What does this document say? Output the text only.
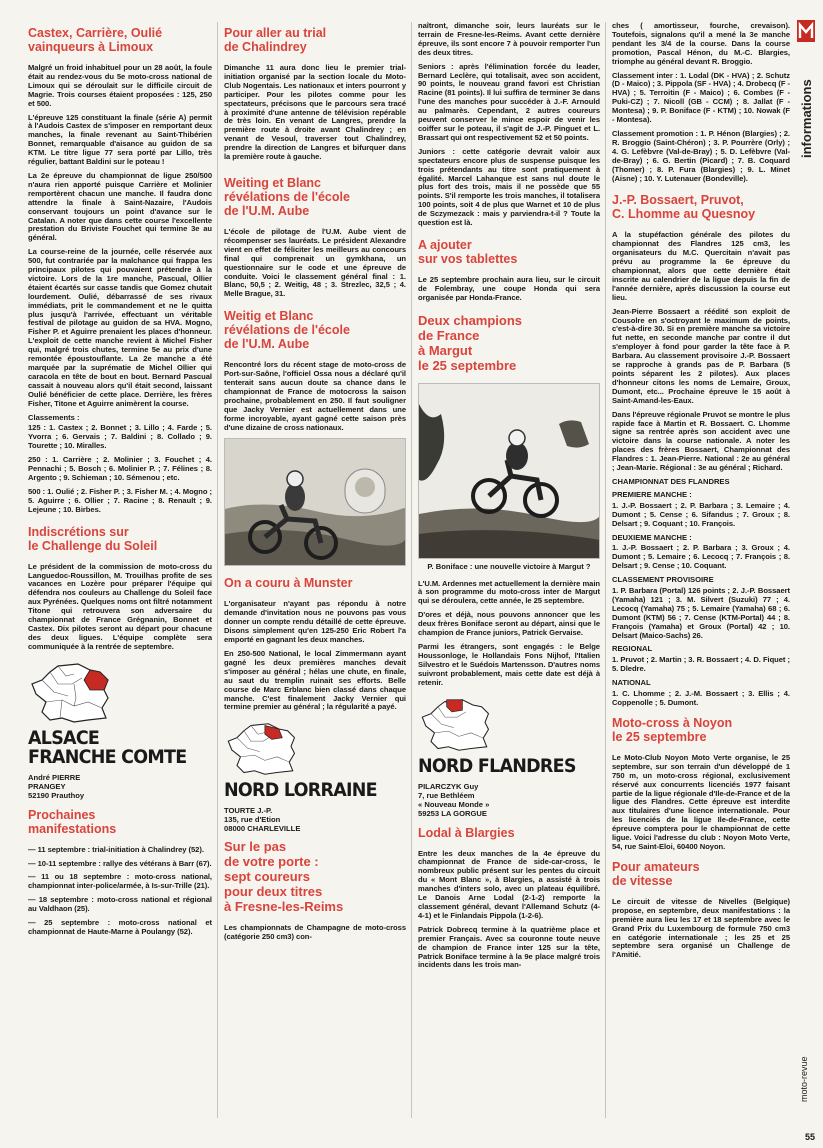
Castex, Carrière, Oulié
vainqueurs à Limoux

Malgré un froid inhabituel pour un 28 août, la foule était au rendez-vous du 5e moto-cross national de Limoux qui se déroulait sur le difficile circuit de Magrie. Trois courses étaient proposées : 125, 250 et 500.

L'épreuve 125 constituant la finale (série A) permit à l'Audois Castex de s'imposer en remportant deux manches, la finale revenant au Saint-Thibérien Bonnet, remarquable d'aisance au guidon de sa KTM. Le titre ligue 77 sera porté par Lillo, très régulier, battant Baldini sur le poteau !

La 2e épreuve du championnat de ligue 250/500 n'aura rien apporté puisque Carrière et Molinier remportèrent chacun une manche. Il faudra donc attendre la finale à Saint-Nazaire, l'Audois conservant toujours un point d'avance sur le Catalan. A noter que dans cette course l'excellente prestation du Briviste Fouchet qui termine 3e au général.

La course-reine de la journée, celle réservée aux 500, fut contrariée par la malchance qui frappa les principaux pilotes qui pouvaient prétendre à la victoire. Lors de la 1re manche, Pascual, Ollier étaient écartés sur casse tandis que Gomez chutait lourdement. Oulié, débarrassé de ses rivaux immédiats, prit le commandement et ne le quitta plus jusqu'à l'arrivée, effectuant un véritable festival de pilotage au guidon de sa HVA. Mogno, Fisher P. et Aguirre prenaient les places d'honneur. L'exploit de cette manche revient à Michel Fisher qui, malgré trois chutes, termine 5e au prix d'une remontée époustouflante. La 2e manche a été marquée par la suprématie de Michel Ollier qui caracola en tête de bout en bout. Bernard Pascual cassait à nouveau alors qu'il était second, laissant Oulié bénéficier de cette place. Derrière, les frères Fisher, Titone et Aguirre animèrent la course.

Classements :

125 : 1. Castex ; 2. Bonnet ; 3. Lillo ; 4. Farde ; 5. Yvorra ; 6. Gervais ; 7. Baldini ; 8. Collado ; 9. Tourette ; 10. Miralles.

250 : 1. Carrière ; 2. Molinier ; 3. Fouchet ; 4. Pennachi ; 5. Bosch ; 6. Molinier P. ; 7. Félines ; 8. Argento ; 9. Schieman ; 10. Sémenou ; etc.

500 : 1. Oulié ; 2. Fisher P. ; 3. Fisher M. ; 4. Mogno ; 5. Aguirre ; 6. Ollier ; 7. Racine ; 8. Renault ; 9. Lejeune ; 10. Birbes.

Indiscrétions sur
le Challenge du Soleil

Le président de la commission de moto-cross du Languedoc-Roussillon, M. Trouilhas profite de ses vacances en Lozère pour préparer l'équipe qui défendra nos couleurs au Challenge du Soleil face aux Pyrénées. Quelques noms ont filtré notamment Titone qui retrouvera son adversaire du championnat de France Grégnanin, Bonnet et Castex. Dix pilotes seront au départ pour chacune des deux ligues. L'équipe complète sera communiquée à la rentrée de septembre.

ALSACE
FRANCHE COMTE
André PIERRE
PRANGEY
52190 Prauthoy
Prochaines
manifestations

— 11 septembre : trial-initiation à Chalindrey (52).

— 10-11 septembre : rallye des vétérans à Barr (67).

— 11 ou 18 septembre : moto-cross national, championnat inter-police/armée, à Is-sur-Trille (21).

— 18 septembre : moto-cross national et régional au Valdhaon (25).

— 25 septembre : moto-cross national et championnat de Haute-Marne à Poulangy (52).

Pour aller au trial
de Chalindrey

Dimanche 11 aura donc lieu le premier trial-initiation organisé par la section locale du Moto-Club Nogentais. Les nationaux et inters pourront y participer. Pour les pilotes comme pour les spectateurs, précisons que le parcours sera tracé à proximité d'une antenne de télévision repérable de très loin. En venant de Langres, prendre la première route à droite avant Chalindrey ; en venant de Vesoul, traverser tout Chalindrey, prendre la direction de Langres et bifurquer dans la première route à gauche.

Weiting et Blanc
révélations de l'école
de l'U.M. Aube

L'école de pilotage de l'U.M. Aube vient de récompenser ses lauréats. Le président Alexandre vient en effet de féliciter les meilleurs au concours final qui comprenait un gymkhana, un questionnaire sur le code et une épreuve de conduite. Voici le classement général final : 1. Blanc, 50,5 ; 2. Weitig, 48 ; 3. Strezlec, 32,5 ; 4. Melle Brague, 31.

Weitig et Blanc
révélations de l'école
de l'U.M. Aube

Rencontré lors du récent stage de moto-cross de Port-sur-Saône, l'officiel Ossa nous a déclaré qu'il tenterait sans aucun doute sa chance dans le championnat de France de motocross la saison prochaine, probablement en 250. Il faut souligner que Jacky Vernier est actuellement dans une forme incroyable, ayant gagné cette saison près d'une dizaine de cross nationaux.

On a couru à Munster

L'organisateur n'ayant pas répondu à notre demande d'invitation nous ne pouvons pas vous donner un compte rendu détaillé de cette épreuve. Disons simplement qu'en 125-250 Eric Robert l'a emporté en gagnant les deux manches.

En 250-500 National, le local Zimmermann ayant gagné les deux premières manches devait s'imposer au général ; hélas une chute, en finale, au saut du tremplin ruinait ses efforts. Belle course de Marc Erblanc bien classé dans chaque manche. C'est finalement Jacky Vernier qui termine premier au général ; la régularité a payé.

NORD LORRAINE
TOURTE J.-P.
135, rue d'Etion
08000 CHARLEVILLE
Sur le pas
de votre porte :
sept coureurs
pour deux titres
à Fresne-les-Reims

Les championnats de Champagne de moto-cross (catégorie 250 cm3) con-

naîtront, dimanche soir, leurs lauréats sur le terrain de Fresne-les-Reims. Avant cette dernière épreuve, ils sont encore 7 à pouvoir remporter l'un des deux titres.

Seniors : après l'élimination forcée du leader, Bernard Leclère, qui totalisait, avec son accident, 90 points, le nouveau grand favori est Christian Racine (81 points). Il lui suffira de terminer 3e dans l'une des manches pour succéder à J.-F. Arnould au palmarès. Cependant, 2 autres coureurs peuvent conserver le mince espoir de venir les coiffer sur le poteau, il s'agit de J.-P. Pinguet et L. Brassart qui ont respectivement 52 et 50 points.

Juniors : cette catégorie devrait valoir aux spectateurs encore plus de suspense puisque les trois prétendants au titre sont pratiquement à égalité. Marcel Lahanque est sans nul doute le plus fort des trois, mais il ne possède que 55 points. S'il remporte les trois manches, il totalisera 100 points, soit 4 de plus que Warnet et 10 de plus de Sczymezack : mais y parviendra-t-il ? Toute la question est là.

A ajouter
sur vos tablettes

Le 25 septembre prochain aura lieu, sur le circuit de Folembray, une coupe Honda qui sera organisée par Honda-France.

Deux champions
de France
à Margut
le 25 septembre
P. Boniface : une nouvelle victoire à Margut ?

L'U.M. Ardennes met actuellement la dernière main à son programme du moto-cross inter de Margut qui se déroulera, cette année, le 25 septembre.

D'ores et déjà, nous pouvons annoncer que les deux frères Boniface seront au départ, ainsi que le champion de France juniors, Patrick Gervaise.

Parmi les étrangers, sont engagés : le Belge Houssonloge, le Hollandais Fons Nijhof, l'Italien Silvestro et le Suédois Martensson. D'autres noms suivront probablement, mais cette date est déjà à retenir.

NORD FLANDRES
PILARCZYK Guy
7, rue Bethléem
« Nouveau Monde »
59253 LA GORGUE
Lodal à Blargies

Entre les deux manches de la 4e épreuve du championnat de France de side-car-cross, le nombreux public présent sur les pentes du circuit du « Mont Blanc », à Blargies, a assisté à trois manches d'inters solo, avec un plateau équilibré. Le Danois Arne Lodal (2-1-2) remporte la classement général, devant l'Allemand Schutz (4-4-1) et le Finlandais Pippola (1-2-6).

Patrick Dobrecq termine à la quatrième place et premier Français. Avec sa couronne toute neuve de champion de France inter 125 sur la tête, Patrick Boniface termine à la 9e place malgré trois incidents dans les trois man-

ches ( amortisseur, fourche, crevaison). Toutefois, signalons qu'il a mené la 3e manche pendant les 3/4 de la course. Dans la course promotion, Pascal Hénon, du M.-C. Blargies, triomphe au général devant R. Broggio.

Classement inter : 1. Lodal (DK - HVA) ; 2. Schutz (D - Maico) ; 3. Pippola (SF - HVA) ; 4. Drobecq (F - HVA) ; 5. Terroitin (F - Maico) ; 6. Combes (F - Puki-CZ) ; 7. Nicoll (GB - CCM) ; 8. Jallat (F - Montesa) ; 9. P. Boniface (F - KTM) ; 10. Nowak (F - Montesa).

Classement promotion : 1. P. Hénon (Blargies) ; 2. R. Broggio (Saint-Chéron) ; 3. P. Pourrère (Orly) ; 4. G. Lefèbvre (Val-de-Bray) ; 5. D. Lefèbvre (Val-de-Bray) ; 6. G. Bertin (Picard) ; 7. B. Coquard (Thomer) ; 8. P. Fura (Blargies) ; 9. L. Minet (Aisne) ; 10. Y. Lutenauer (Bondeville).

J.-P. Bossaert, Pruvot,
C. Lhomme au Quesnoy

A la stupéfaction générale des pilotes du championnat des Flandres 125 cm3, les organisateurs du M.C. Quercitain n'avait pas prévu au programme la 6e épreuve du championnat, alors que cette dernière était inscrite au calendrier de la ligue depuis la fin de l'année dernière, après discussion la course eut lieu.

Jean-Pierre Bossaert a réédité son exploit de Cousolre en s'octroyant le maximum de points, c'est-à-dire 30. Si en première manche sa victoire fut nette, en seconde manche par contre il dut s'employer à fond pour garder la tête face à P. Barbara. Au classement provisoire J.-P. Bossaert se rapproche à grands pas de P. Barbara (5 points séparent les 2 pilotes). Aux places d'honneur citons les noms de Lemaire, Groux, Dumont, etc... Prochaine épreuve le 15 août à Saint-Amand-les-Eaux.

Dans l'épreuve régionale Pruvot se montre le plus rapide face à Martin et R. Bossaert. C. Lhomme signe sa rentrée après son accident avec une victoire dans la course nationale. A noter les places des frères Bossaert, Championnat des Flandres : 1. Jean-Pierre. National : 2e au général ; Jean-Marie. Régional : 3e au général ; Richard.

CHAMPIONNAT DES FLANDRES
PREMIERE MANCHE :

1. J.-P. Bossaert ; 2. P. Barbara ; 3. Lemaire ; 4. Dumont ; 5. Cense ; 6. Sifandus ; 7. Groux ; 8. Delsart ; 9. Coquant ; 10. François.

DEUXIEME MANCHE :

1. J.-P. Bossaert ; 2. P. Barbara ; 3. Groux ; 4. Dumont ; 5. Lemaire ; 6. Lecocq ; 7. François ; 8. Delsart ; 9. Cense ; 10. Coquant.

CLASSEMENT PROVISOIRE

1. P. Barbara (Portal) 126 points ; 2. J.-P. Bossaert (Yamaha) 121 ; 3. M. Silvert (Suzuki) 77 ; 4. Lecocq (Yamaha) 75 ; 5. Lemaire (Yamaha) 68 ; 6. Dumont (KTM) 56 ; 7. Cense (KTM-Portal) 44 ; 8. François (Yamaha) et Groux (Portal) 42 ; 10. Delsart (Maico-Sachs) 26.

REGIONAL

1. Pruvot ; 2. Martin ; 3. R. Bossaert ; 4. D. Fiquet ; 5. Dledre.

NATIONAL

1. C. Lhomme ; 2. J.-M. Bossaert ; 3. Ellis ; 4. Coppenolle ; 5. Dumont.

Moto-cross à Noyon
le 25 septembre

Le Moto-Club Noyon Moto Verte organise, le 25 septembre, sur son terrain d'un développé de 1 750 m, un moto-cross régional, exclusivement réservé aux concurrents licenciés 1977 faisant partie de la ligue régionale d'Ile-de-France et de la ligue des Flandres. Cette épreuve est interdite aux titulaires d'une licence internationale. Pour les licenciés de la ligue Ile-de-France, cette épreuve comptera pour le championnat de cette ligue. Voici l'adresse du club : Noyon Moto Verte, 54, rue Saint-Eloi, 60400 Noyon.

Pour amateurs
de vitesse

Le circuit de vitesse de Nivelles (Belgique) propose, en septembre, deux manifestations : la première aura lieu les 17 et 18 septembre avec le Grand Prix du Luxembourg de formule 750 cm3 en catégorie internationale ; les 25 et 25 septembre sera organisé un Challenge de l'Amitié.

informations
moto-revue
55
